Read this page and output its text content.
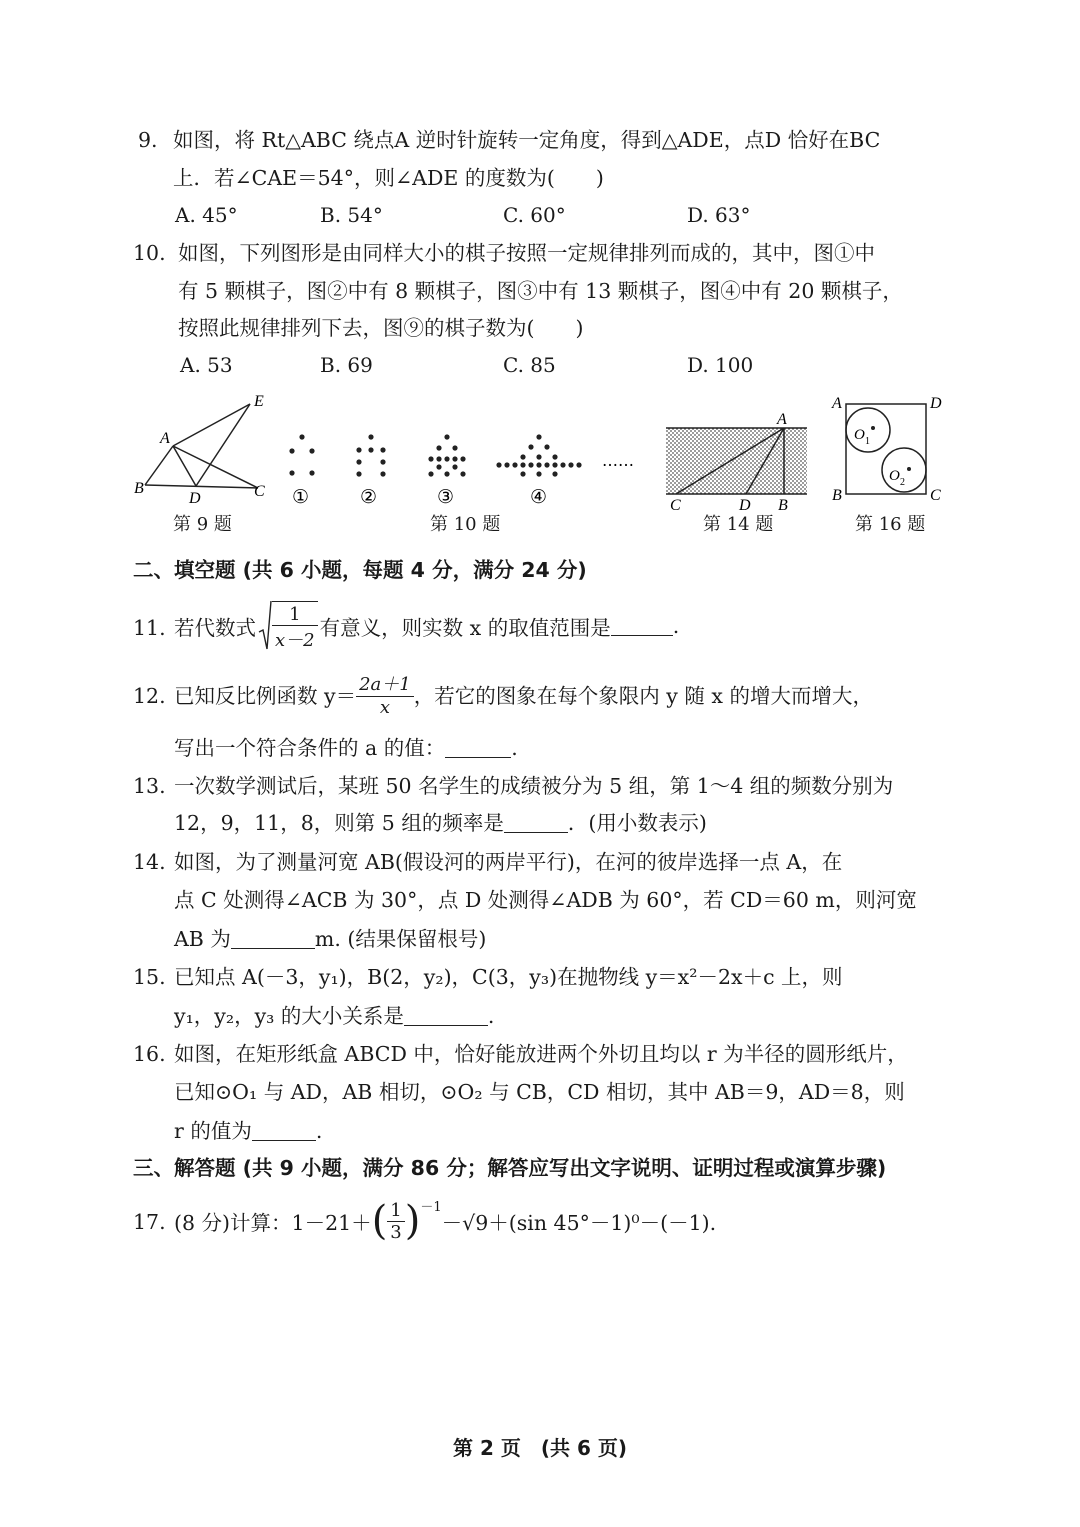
9. 如图，将 Rt△ABC 绕点A 逆时针旋转一定角度，得到△ADE，点D 恰好在BC
上．若∠CAE＝54°，则∠ADE 的度数为(　　)
A. 45°	B. 54°	C. 60°	D. 63°
10. 如图，下列图形是由同样大小的棋子按照一定规律排列而成的，其中，图①中
有 5 颗棋子，图②中有 8 颗棋子，图③中有 13 颗棋子，图④中有 20 颗棋子，
按照此规律排列下去，图⑨的棋子数为(　　)
A. 53	B. 69	C. 85	D. 100
E
A
B
D	C
第 9 题
……
①	②	③	④
第 10 题
A
C	D B
第 14 题
A	D
B	C
O 1
O 2
第 16 题
二、填空题 (共 6 小题，每题 4 分，满分 24 分)
11. 若代数式 $\frac{1}{x-2}$ 有意义，则实数 x 的取值范围是	.
12. 已知反比例函数 $y= \frac{2a+1}{x}$ ，若它的图象在每个象限内 y 随 x 的增大而增大，
写出一个符合条件的 a 的值：	.
13. 一次数学测试后，某班 50 名学生的成绩被分为 5 组，第 1～4 组的频数分别为
12，9，11，8，则第 5 组的频率是	．(用小数表示)
14. 如图，为了测量河宽 AB(假设河的两岸平行)，在河的彼岸选择一点 A，在
点 C 处测得∠ACB 为 30°，点 D 处测得∠ADB 为 60°，若 CD＝60 m，则河宽
AB 为	m. (结果保留根号)
15. 已知点 A(－3，y₁)，B(2，y₂)，C(3，y₃)在抛物线 y＝x²－2x＋c 上，则
y₁，y₂，y₃ 的大小关系是	.
16. 如图，在矩形纸盒 ABCD 中，恰好能放进两个外切且均以 r 为半径的圆形纸片，
已知⊙O₁ 与 AD，AB 相切，⊙O₂ 与 CB，CD 相切，其中 AB＝9，AD＝8，则
r 的值为	.
三、解答题 (共 9 小题，满分 86 分；解答应写出文字说明、证明过程或演算步骤)
17. (8 分)计算：1－21＋ ( $\frac{1}{3}$ ) －1
－√9＋(sin 45°－1)⁰－(－1).
第 2 页　(共 6 页)
